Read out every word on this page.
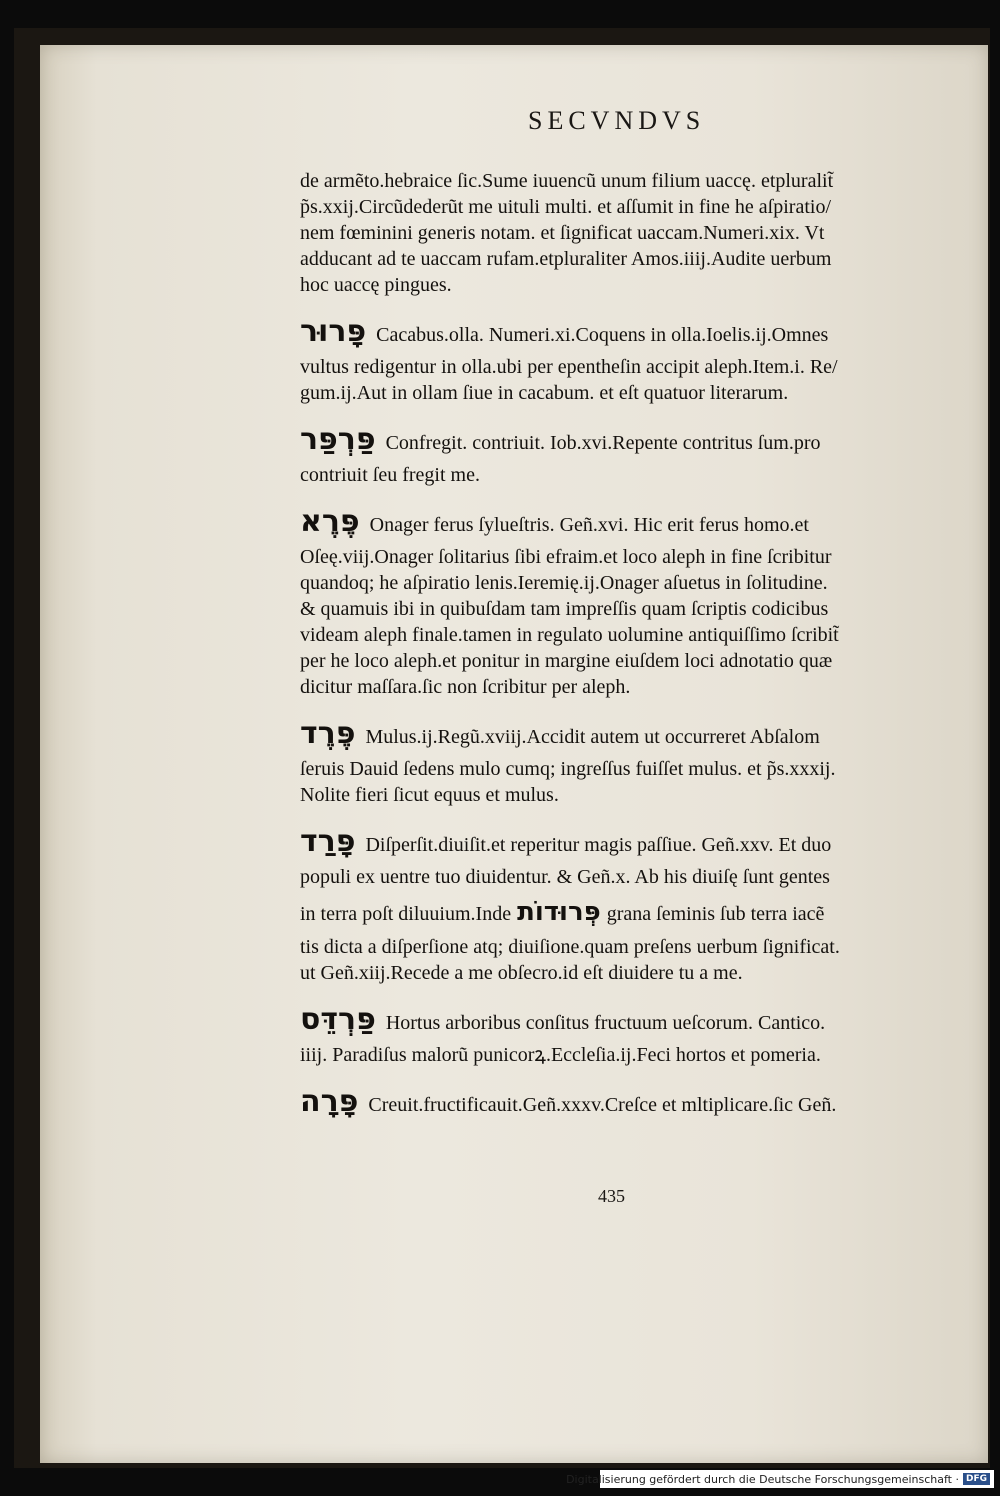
SECVNDVS
de armẽto.hebraice ſic.Sume iuuencũ unum filium uaccę. etpluralit̃
p̃s.xxij.Circũdederũt me uituli multi. et aſſumit in fine he aſpiratio/
nem fœminini generis notam. et ſignificat uaccam.Numeri.xix. Vt
adducant ad te uaccam rufam.etpluraliter Amos.iiij.Audite uerbum
hoc uaccę pingues.
פָּרוּר Cacabus.olla. Numeri.xi.Coquens in olla.Ioelis.ij.Omnes
vultus redigentur in olla.ubi per epentheſin accipit aleph.Item.i. Re/
gum.ij.Aut in ollam ſiue in cacabum. et eſt quatuor literarum.
פַּרְפַּר Confregit. contriuit. Iob.xvi.Repente contritus ſum.pro
contriuit ſeu fregit me.
פֶּרֶא Onager ferus ſylueſtris. Geñ.xvi. Hic erit ferus homo.et
Oſeę.viij.Onager ſolitarius ſibi efraim.et loco aleph in fine ſcribitur
quandoq; he aſpiratio lenis.Ieremię.ij.Onager aſuetus in ſolitudine.
& quamuis ibi in quibuſdam tam impreſſis quam ſcriptis codicibus
videam aleph finale.tamen in regulato uolumine antiquiſſimo ſcribit̃
per he loco aleph.et ponitur in margine eiuſdem loci adnotatio quæ
dicitur maſſara.ſic non ſcribitur per aleph.
פֶּרֶד Mulus.ij.Regũ.xviij.Accidit autem ut occurreret Abſalom
ſeruis Dauid ſedens mulo cumq; ingreſſus fuiſſet mulus. et p̃s.xxxij.
Nolite fieri ſicut equus et mulus.
פָּרַד Diſperſit.diuiſit.et reperitur magis paſſiue. Geñ.xxv. Et duo
populi ex uentre tuo diuidentur. & Geñ.x. Ab his diuiſę ſunt gentes
in terra poſt diluuium.Inde פְּרוּדוֹת grana ſeminis ſub terra iacẽ
tis dicta a diſperſione atq; diuiſione.quam preſens uerbum ſignificat.
ut Geñ.xiij.Recede a me obſecro.id eſt diuidere tu a me.
פַּרְדֵּס Hortus arboribus conſitus fructuum ueſcorum. Cantico.
iiij. Paradiſus malorũ punicorꝝ.Eccleſia.ij.Feci hortos et pomeria.
פָּרָה Creuit.fructificauit.Geñ.xxxv.Creſce et mltiplicare.ſic Geñ.
435
Digitalisierung gefördert durch die Deutsche Forschungsgemeinschaft · DFG
